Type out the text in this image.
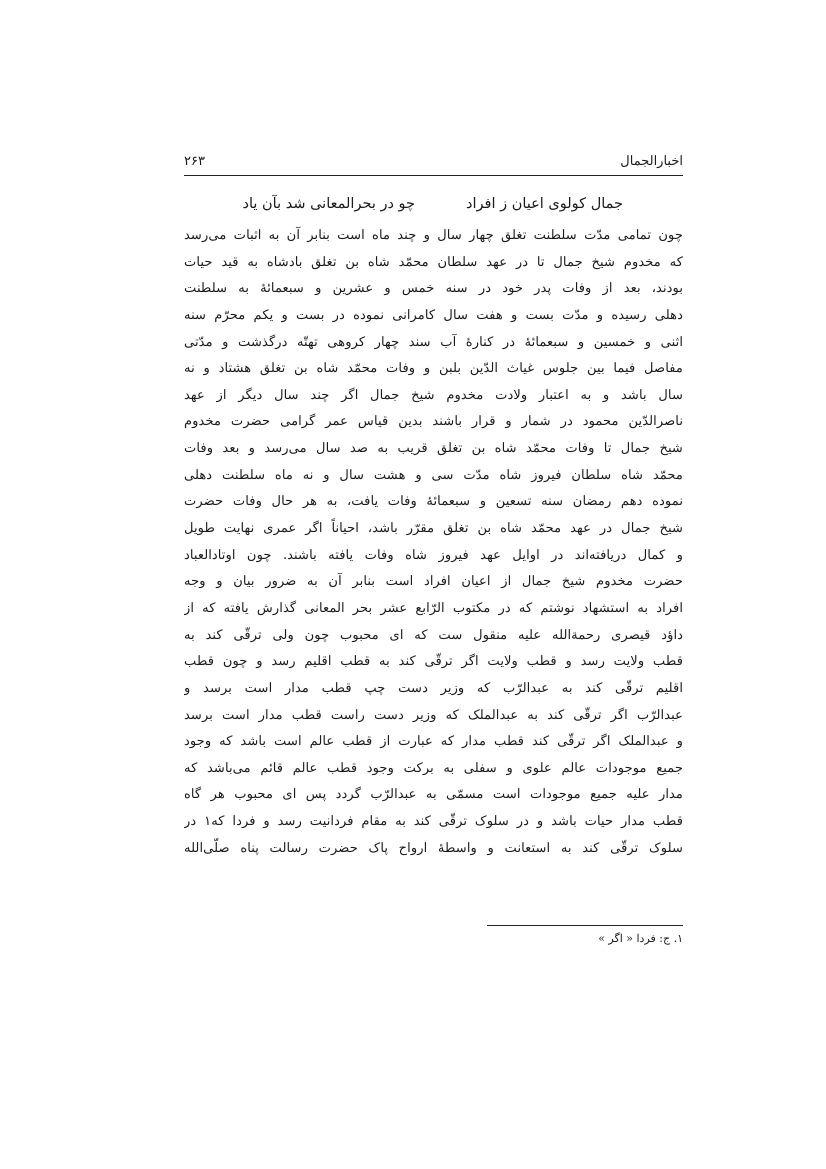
اخبارالجمال
۲۶۳
جمال کولوی اعیان ز افراد
چو در بحرالمعانی شد بآن یاد
چون تمامی مدّت سلطنت تغلق چهار سال و چند ماه است بنابر آن به اثبات می‌رسد
که مخدوم شیخ جمال تا در عهد سلطان محمّد شاه بن تغلق بادشاه به قید حیات
بودند، بعد از وفات پدر خود در سنه خمس و عشرین و سبعمائهٔ به سلطنت
دهلی رسیده و مدّت بست و هفت سال کامرانی نموده در بست و یکم محرّم سنه
اثنی و خمسین و سبعمائهٔ در کنارهٔ آب سند چهار کروهی تهتّه درگذشت و مدّتی
مفاصل فیما بین جلوس غیاث الدّین بلبن و وفات محمّد شاه بن تغلق هشتاد و نه
سال باشد و به اعتبار ولادت مخدوم شیخ جمال اگر چند سال دیگر از عهد
ناصرالدّین محمود در شمار و قرار باشند بدین قیاس عمر گرامی حضرت مخدوم
شیخ جمال تا وفات محمّد شاه بن تغلق قریب به صد سال می‌رسد و بعد وفات
محمّد شاه سلطان فیروز شاه مدّت سی و هشت سال و نه ماه سلطنت دهلی
نموده دهم رمضان سنه تسعین و سبعمائهٔ وفات یافت، به هر حال وفات حضرت
شیخ جمال در عهد محمّد شاه بن تغلق مقرّر باشد، احیاناً اگر عمری نهایت طویل
و کمال دریافته‌اند در اوایل عهد فیروز شاه وفات یافته باشند. چون اوتادالعباد
حضرت مخدوم شیخ جمال از اعیان افراد است بنابر آن به ضرور بیان و وجه
افراد به استشهاد نوشتم که در مکتوب الرّابع عشر بحر المعانی گذارش یافته که از
داؤد قیصری رحمة‌الله علیه منقول ست که ای محبوب چون ولی ترقّی کند به
قطب ولایت رسد و قطب ولایت اگر ترقّی کند به قطب اقلیم رسد و چون قطب
اقلیم ترقّی کند به عبدالرّب که وزیر دست چپ قطب مدار است برسد و
عبدالرّب اگر ترقّی کند به عبدالملک که وزیر دست راست قطب مدار است برسد
و عبدالملک اگر ترقّی کند قطب مدار که عبارت از قطب عالم است باشد که وجود
جمیع موجودات عالم علوی و سفلی به برکت وجود قطب عالم قائم می‌باشد که
مدار علیه جمیع موجودات است مسمّی به عبدالرّب گردد پس ای محبوب هر گاه
قطب مدار حیات باشد و در سلوک ترقّی کند به مقام فردانیت رسد و فردا که۱ در
سلوک ترقّی کند به استعانت و واسطهٔ ارواح پاک حضرت رسالت پناه صلّی‌الله
۱. ج: فردا « اگر »
